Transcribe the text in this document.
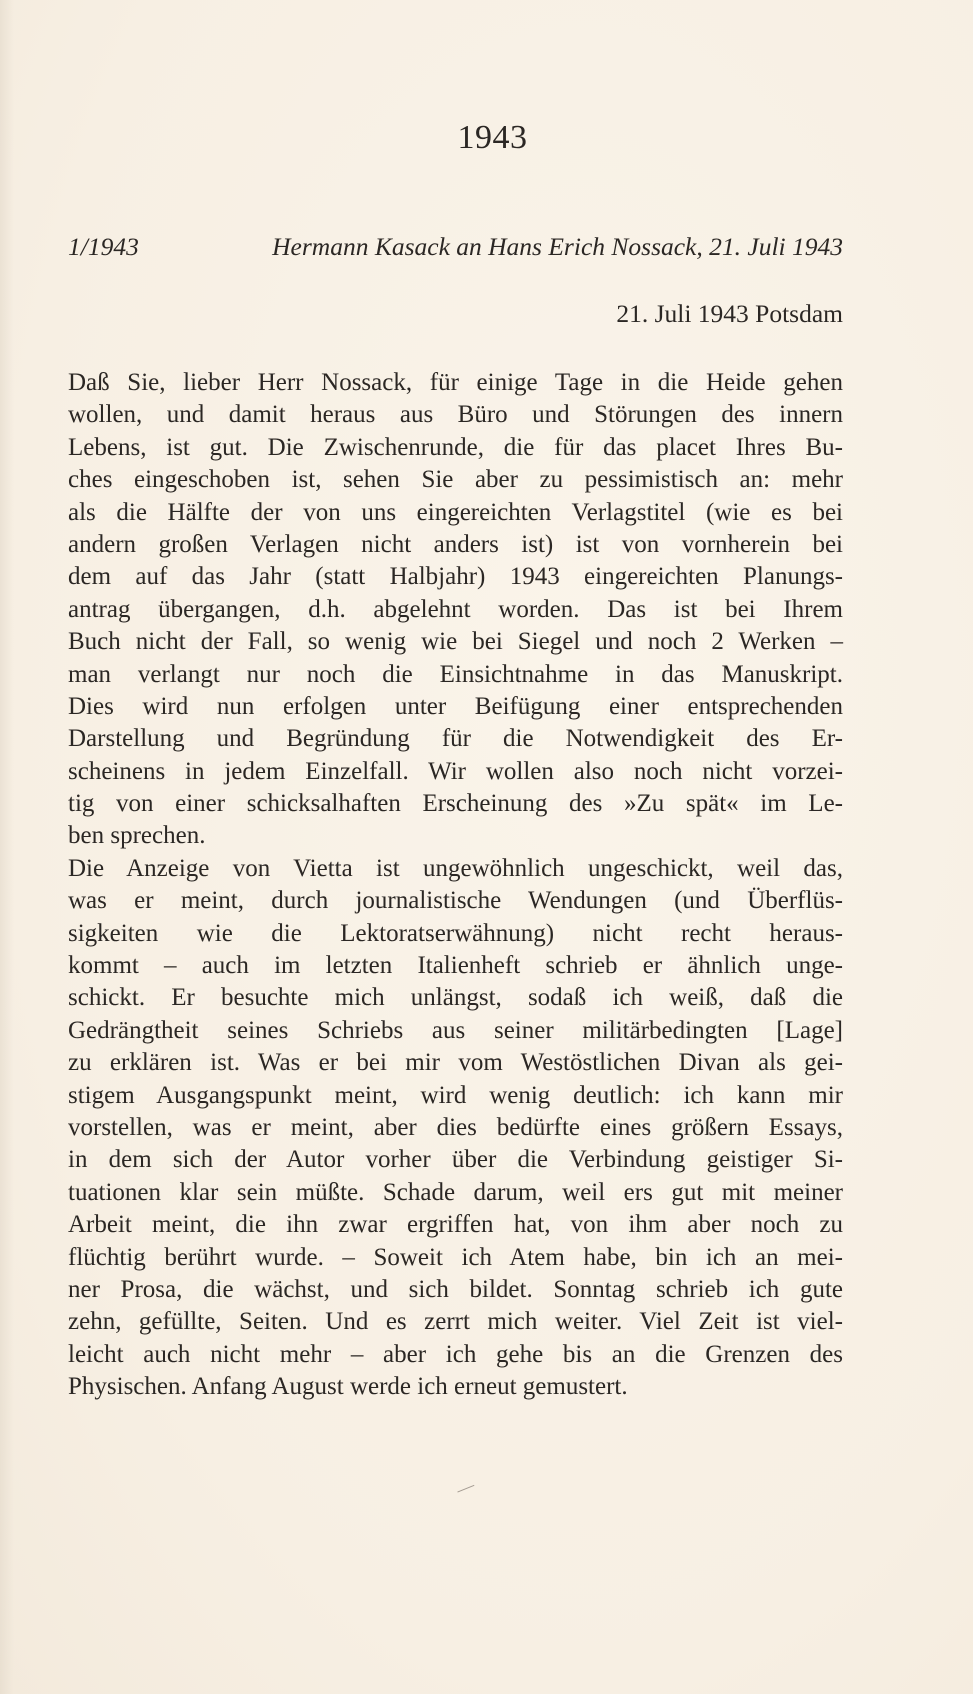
1943
1/1943	Hermann Kasack an Hans Erich Nossack, 21. Juli 1943
21. Juli 1943 Potsdam
Daß Sie, lieber Herr Nossack, für einige Tage in die Heide gehen
wollen, und damit heraus aus Büro und Störungen des innern
Lebens, ist gut. Die Zwischenrunde, die für das placet Ihres Bu-
ches eingeschoben ist, sehen Sie aber zu pessimistisch an: mehr
als die Hälfte der von uns eingereichten Verlagstitel (wie es bei
andern großen Verlagen nicht anders ist) ist von vornherein bei
dem auf das Jahr (statt Halbjahr) 1943 eingereichten Planungs-
antrag übergangen, d.h. abgelehnt worden. Das ist bei Ihrem
Buch nicht der Fall, so wenig wie bei Siegel und noch 2 Werken –
man verlangt nur noch die Einsichtnahme in das Manuskript.
Dies wird nun erfolgen unter Beifügung einer entsprechenden
Darstellung und Begründung für die Notwendigkeit des Er-
scheinens in jedem Einzelfall. Wir wollen also noch nicht vorzei-
tig von einer schicksalhaften Erscheinung des »Zu spät« im Le-
ben sprechen.
Die Anzeige von Vietta ist ungewöhnlich ungeschickt, weil das,
was er meint, durch journalistische Wendungen (und Überflüs-
sigkeiten wie die Lektoratserwähnung) nicht recht heraus-
kommt – auch im letzten Italienheft schrieb er ähnlich unge-
schickt. Er besuchte mich unlängst, sodaß ich weiß, daß die
Gedrängtheit seines Schriebs aus seiner militärbedingten [Lage]
zu erklären ist. Was er bei mir vom Westöstlichen Divan als gei-
stigem Ausgangspunkt meint, wird wenig deutlich: ich kann mir
vorstellen, was er meint, aber dies bedürfte eines größern Essays,
in dem sich der Autor vorher über die Verbindung geistiger Si-
tuationen klar sein müßte. Schade darum, weil ers gut mit meiner
Arbeit meint, die ihn zwar ergriffen hat, von ihm aber noch zu
flüchtig berührt wurde. – Soweit ich Atem habe, bin ich an mei-
ner Prosa, die wächst, und sich bildet. Sonntag schrieb ich gute
zehn, gefüllte, Seiten. Und es zerrt mich weiter. Viel Zeit ist viel-
leicht auch nicht mehr – aber ich gehe bis an die Grenzen des
Physischen. Anfang August werde ich erneut gemustert.
